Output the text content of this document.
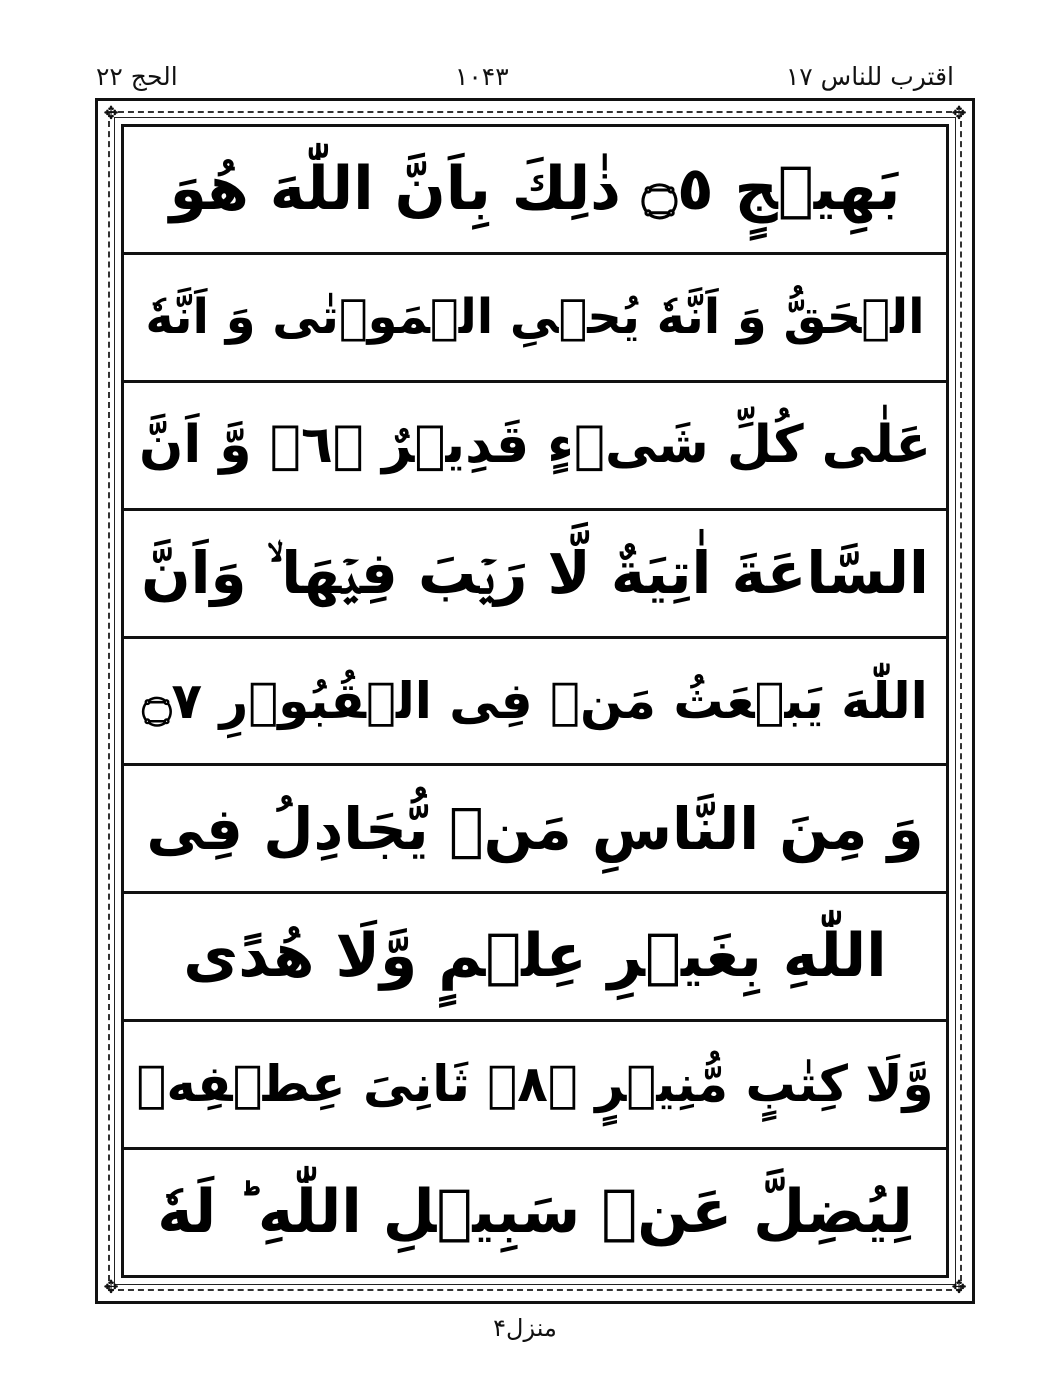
الحج ٢٢	١٠۴٣	اقترب للناس ١٧
✥	✥
✥	✥
بَهِيۡجٍ ۝٥ ذٰلِكَ بِاَنَّ اللّٰهَ هُوَ
الۡحَقُّ وَ اَنَّهٗ يُحۡىِ الۡمَوۡتٰى وَ اَنَّهٗ
عَلٰى كُلِّ شَىۡءٍ قَدِيۡرٌ ۝٦ۙ وَّ اَنَّ
السَّاعَةَ اٰتِيَةٌ لَّا رَيۡبَ فِيۡهَا ۙ وَاَنَّ
اللّٰهَ يَبۡعَثُ مَنۡ فِى الۡقُبُوۡرِ ۝٧
وَ مِنَ النَّاسِ مَنۡ يُّجَادِلُ فِى
اللّٰهِ بِغَيۡرِ عِلۡمٍ وَّلَا هُدًى
وَّلَا كِتٰبٍ مُّنِيۡرٍ ۝٨ۙ ثَانِىَ عِطۡفِهٖ
لِيُضِلَّ عَنۡ سَبِيۡلِ اللّٰهِ ؕ لَهٗ
منزل۴
